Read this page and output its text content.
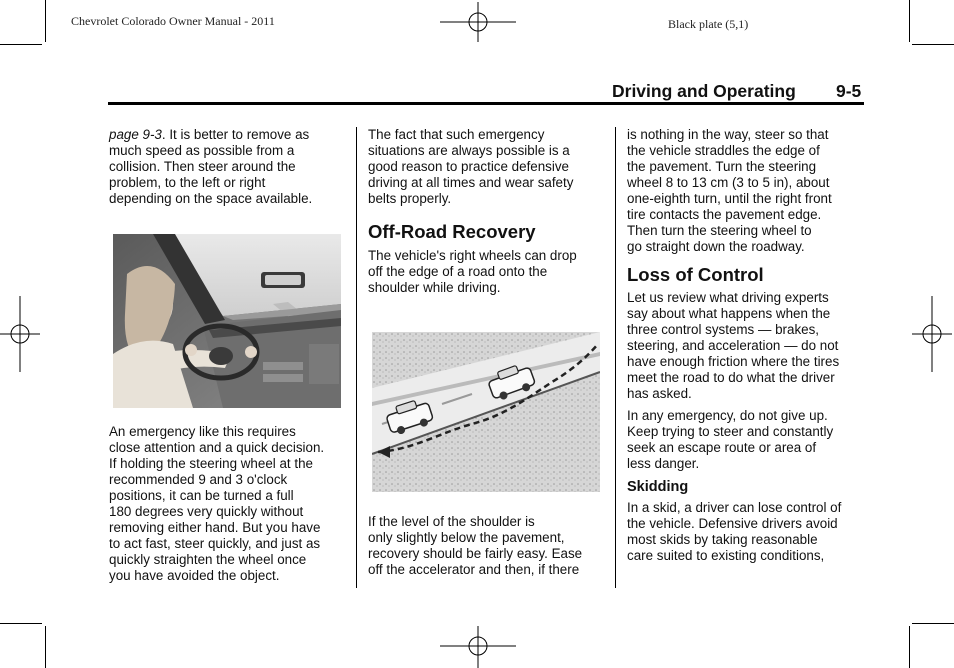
Chevrolet Colorado Owner Manual - 2011	Black plate (5,1)
Driving and Operating 9-5

page 9-3. It is better to remove as
much speed as possible from a
collision. Then steer around the
problem, to the left or right
depending on the space available.

An emergency like this requires
close attention and a quick decision.
If holding the steering wheel at the
recommended 9 and 3 o'clock
positions, it can be turned a full
180 degrees very quickly without
removing either hand. But you have
to act fast, steer quickly, and just as
quickly straighten the wheel once
you have avoided the object.

The fact that such emergency
situations are always possible is a
good reason to practice defensive
driving at all times and wear safety
belts properly.

Off-Road Recovery

The vehicle's right wheels can drop
off the edge of a road onto the
shoulder while driving.

If the level of the shoulder is
only slightly below the pavement,
recovery should be fairly easy. Ease
off the accelerator and then, if there

is nothing in the way, steer so that
the vehicle straddles the edge of
the pavement. Turn the steering
wheel 8 to 13 cm (3 to 5 in), about
one-eighth turn, until the right front
tire contacts the pavement edge.
Then turn the steering wheel to
go straight down the roadway.

Loss of Control

Let us review what driving experts
say about what happens when the
three control systems — brakes,
steering, and acceleration — do not
have enough friction where the tires
meet the road to do what the driver
has asked.

In any emergency, do not give up.
Keep trying to steer and constantly
seek an escape route or area of
less danger.

Skidding

In a skid, a driver can lose control of
the vehicle. Defensive drivers avoid
most skids by taking reasonable
care suited to existing conditions,
